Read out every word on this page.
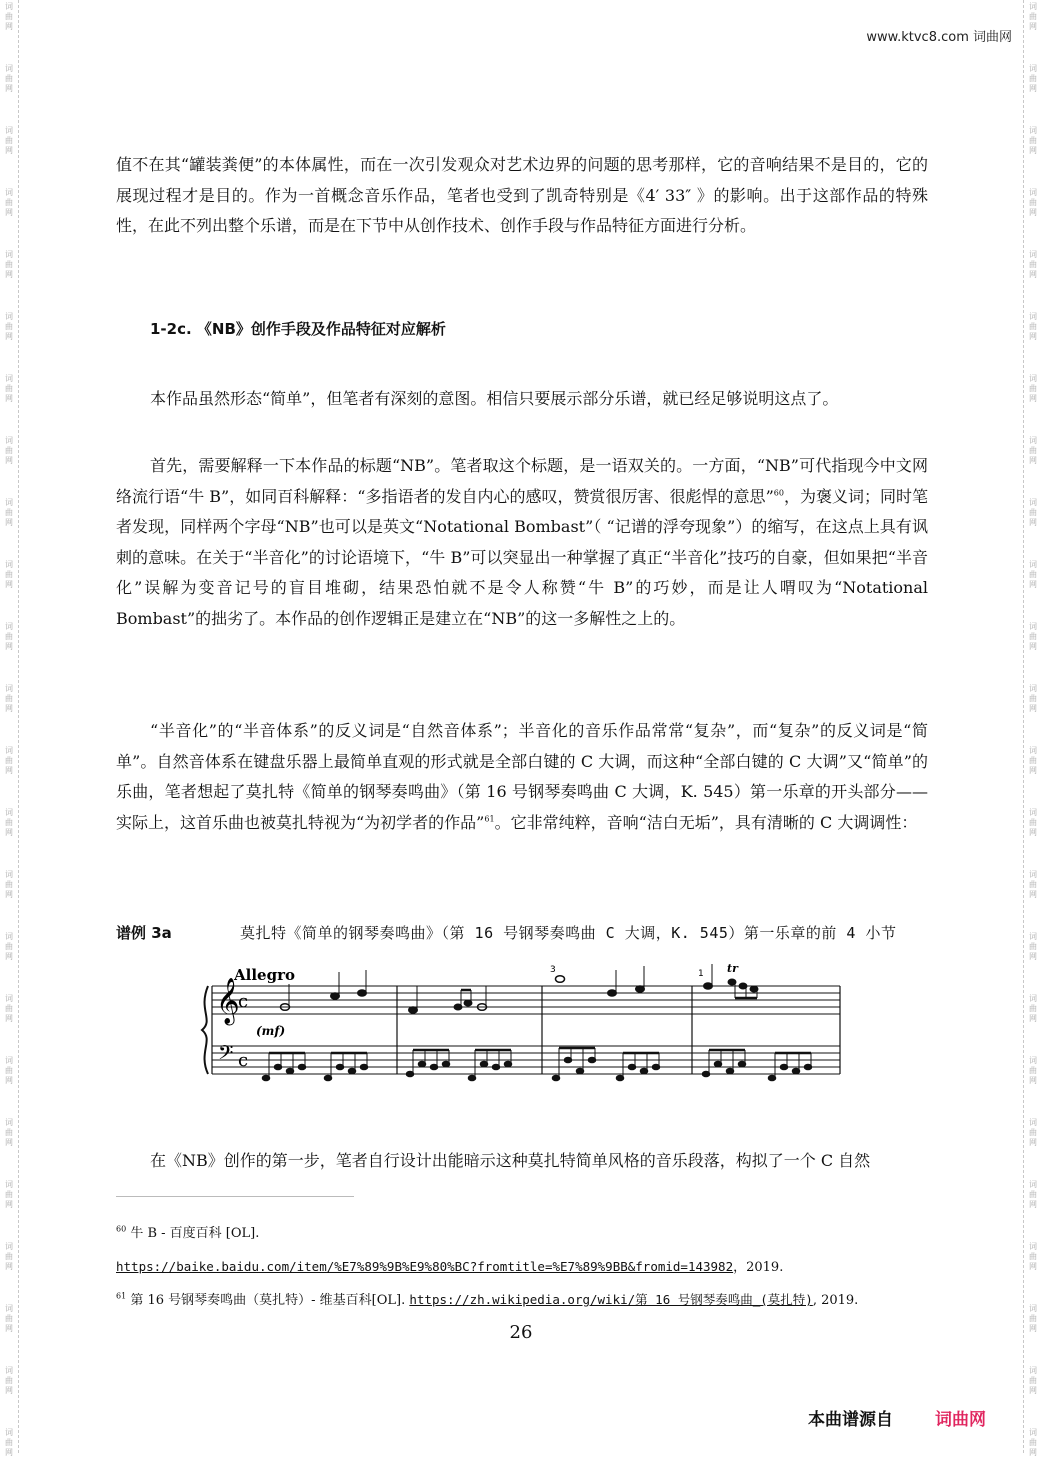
词
曲
网
词
曲
网
词
曲
网
词
曲
网
词
曲
网
词
曲
网
词
曲
网
词
曲
网
词
曲
网
词
曲
网
词
曲
网
词
曲
网
词
曲
网
词
曲
网
词
曲
网
词
曲
网
词
曲
网
词
曲
网
词
曲
网
词
曲
网
词
曲
网
词
曲
网
词
曲
网
词
曲
网
词
曲
网
词
曲
网
词
曲
网
词
曲
网
词
曲
网
词
曲
网
词
曲
网
词
曲
网
词
曲
网
词
曲
网
词
曲
网
词
曲
网
词
曲
网
词
曲
网
词
曲
网
词
曲
网
词
曲
网
词
曲
网
词
曲
网
词
曲
网
词
曲
网
词
曲
网
词
曲
网
词
曲
网
www.ktvc8.com 词曲网

值不在其“罐装粪便”的本体属性，而在一次引发观众对艺术边界的问题的思考那样，它的音响结果不是目的，它的展现过程才是目的。作为一首概念音乐作品，笔者也受到了凯奇特别是《4′ 33″ 》的影响。出于这部作品的特殊性，在此不列出整个乐谱，而是在下节中从创作技术、创作手段与作品特征方面进行分析。

1-2c. 《NB》创作手段及作品特征对应解析

本作品虽然形态“简单”，但笔者有深刻的意图。相信只要展示部分乐谱，就已经足够说明这点了。

首先，需要解释一下本作品的标题“NB”。笔者取这个标题，是一语双关的。一方面，“NB”可代指现今中文网络流行语“牛 B”，如同百科解释：“多指语者的发自内心的感叹，赞赏很厉害、很彪悍的意思”$^{60}$，为褒义词；同时笔者发现，同样两个字母“NB”也可以是英文“Notational Bombast”（ “记谱的浮夸现象”）的缩写，在这点上具有讽刺的意味。在关于“半音化”的讨论语境下，“牛 B”可以突显出一种掌握了真正“半音化”技巧的自豪，但如果把“半音化”误解为变音记号的盲目堆砌，结果恐怕就不是令人称赞“牛 B”的巧妙，而是让人喟叹为“Notational Bombast”的拙劣了。本作品的创作逻辑正是建立在“NB”的这一多解性之上的。

“半音化”的“半音体系”的反义词是“自然音体系”；半音化的音乐作品常常“复杂”，而“复杂”的反义词是“简单”。自然音体系在键盘乐器上最简单直观的形式就是全部白键的 C 大调，而这种“全部白键的 C 大调”又“简单”的乐曲，笔者想起了莫扎特《简单的钢琴奏鸣曲》（第 16 号钢琴奏鸣曲 C 大调，K. 545）第一乐章的开头部分——实际上，这首乐曲也被莫扎特视为“为初学者的作品”$^{61}$。它非常纯粹，音响“洁白无垢”，具有清晰的 C 大调调性：

谱例 3a	莫扎特《简单的钢琴奏鸣曲》（第 16 号钢琴奏鸣曲 C 大调，K. 545）第一乐章的前 4 小节
𝄞
𝄢
c
c
Allegro
(mf)
3	1 tr

在《NB》创作的第一步，笔者自行设计出能暗示这种莫扎特简单风格的音乐段落，构拟了一个 C 自然

$^{60}$ 牛 B - 百度百科 [OL].

https://baike.baidu.com/item/%E7%89%9B%E9%80%BC?fromtitle=%E7%89%9BB&fromid=143982，2019.

$^{61}$ 第 16 号钢琴奏鸣曲（莫扎特）- 维基百科[OL]. https://zh.wikipedia.org/wiki/第 16 号钢琴奏鸣曲_(莫扎特), 2019.

26
本曲谱源自 词曲网
